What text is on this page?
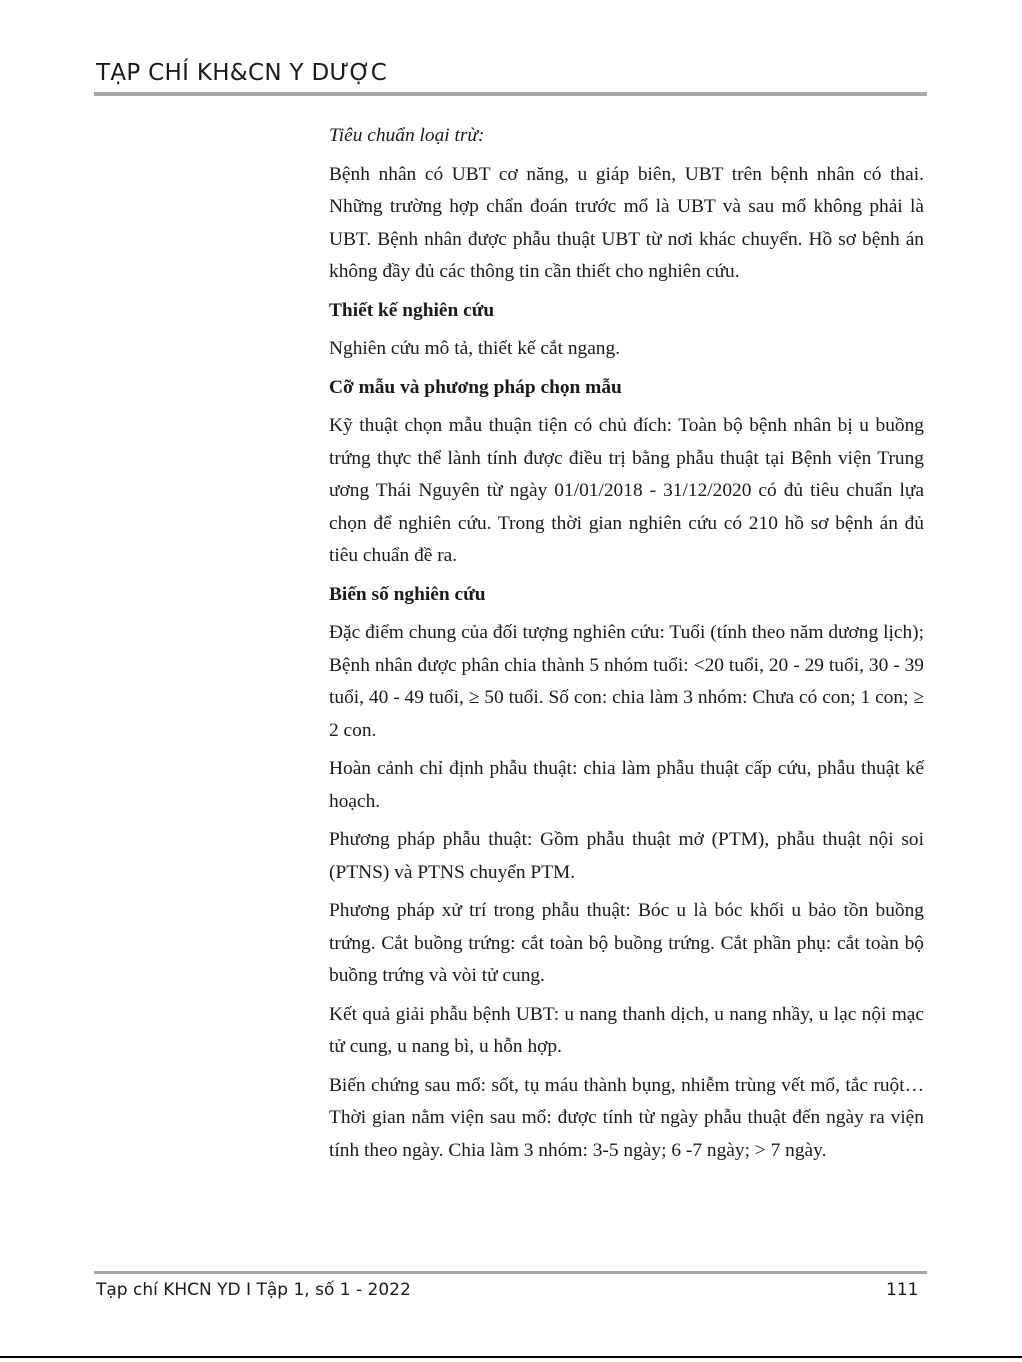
TẠP CHÍ KH&CN Y DƯỢC

Tiêu chuẩn loại trừ:

Bệnh nhân có UBT cơ năng, u giáp biên, UBT trên bệnh nhân có thai. Những trường hợp chẩn đoán trước mổ là UBT và sau mổ không phải là UBT. Bệnh nhân được phẫu thuật UBT từ nơi khác chuyển. Hồ sơ bệnh án không đầy đủ các thông tin cần thiết cho nghiên cứu.

Thiết kế nghiên cứu

Nghiên cứu mô tả, thiết kế cắt ngang.

Cỡ mẫu và phương pháp chọn mẫu

Kỹ thuật chọn mẫu thuận tiện có chủ đích: Toàn bộ bệnh nhân bị u buồng trứng thực thể lành tính được điều trị bằng phẫu thuật tại Bệnh viện Trung ương Thái Nguyên từ ngày 01/01/2018 - 31/12/2020 có đủ tiêu chuẩn lựa chọn để nghiên cứu. Trong thời gian nghiên cứu có 210 hồ sơ bệnh án đủ tiêu chuẩn đề ra.

Biến số nghiên cứu

Đặc điểm chung của đối tượng nghiên cứu: Tuổi (tính theo năm dương lịch); Bệnh nhân được phân chia thành 5 nhóm tuổi: <20 tuổi, 20 - 29 tuổi, 30 - 39 tuổi, 40 - 49 tuổi, ≥ 50 tuổi. Số con: chia làm 3 nhóm: Chưa có con; 1 con; ≥ 2 con.

Hoàn cảnh chỉ định phẫu thuật: chia làm phẫu thuật cấp cứu, phẫu thuật kế hoạch.

Phương pháp phẫu thuật: Gồm phẫu thuật mở (PTM), phẫu thuật nội soi (PTNS) và PTNS chuyển PTM.

Phương pháp xử trí trong phẫu thuật: Bóc u là bóc khối u bảo tồn buồng trứng. Cắt buồng trứng: cắt toàn bộ buồng trứng. Cắt phần phụ: cắt toàn bộ buồng trứng và vòi tử cung.

Kết quả giải phẫu bệnh UBT: u nang thanh dịch, u nang nhầy, u lạc nội mạc tử cung, u nang bì, u hỗn hợp.

Biến chứng sau mổ: sốt, tụ máu thành bụng, nhiễm trùng vết mổ, tắc ruột… Thời gian nằm viện sau mổ: được tính từ ngày phẫu thuật đến ngày ra viện tính theo ngày. Chia làm 3 nhóm: 3-5 ngày; 6 -7 ngày; > 7 ngày.

Tạp chí KHCN YD I Tập 1, số 1 - 2022	111
